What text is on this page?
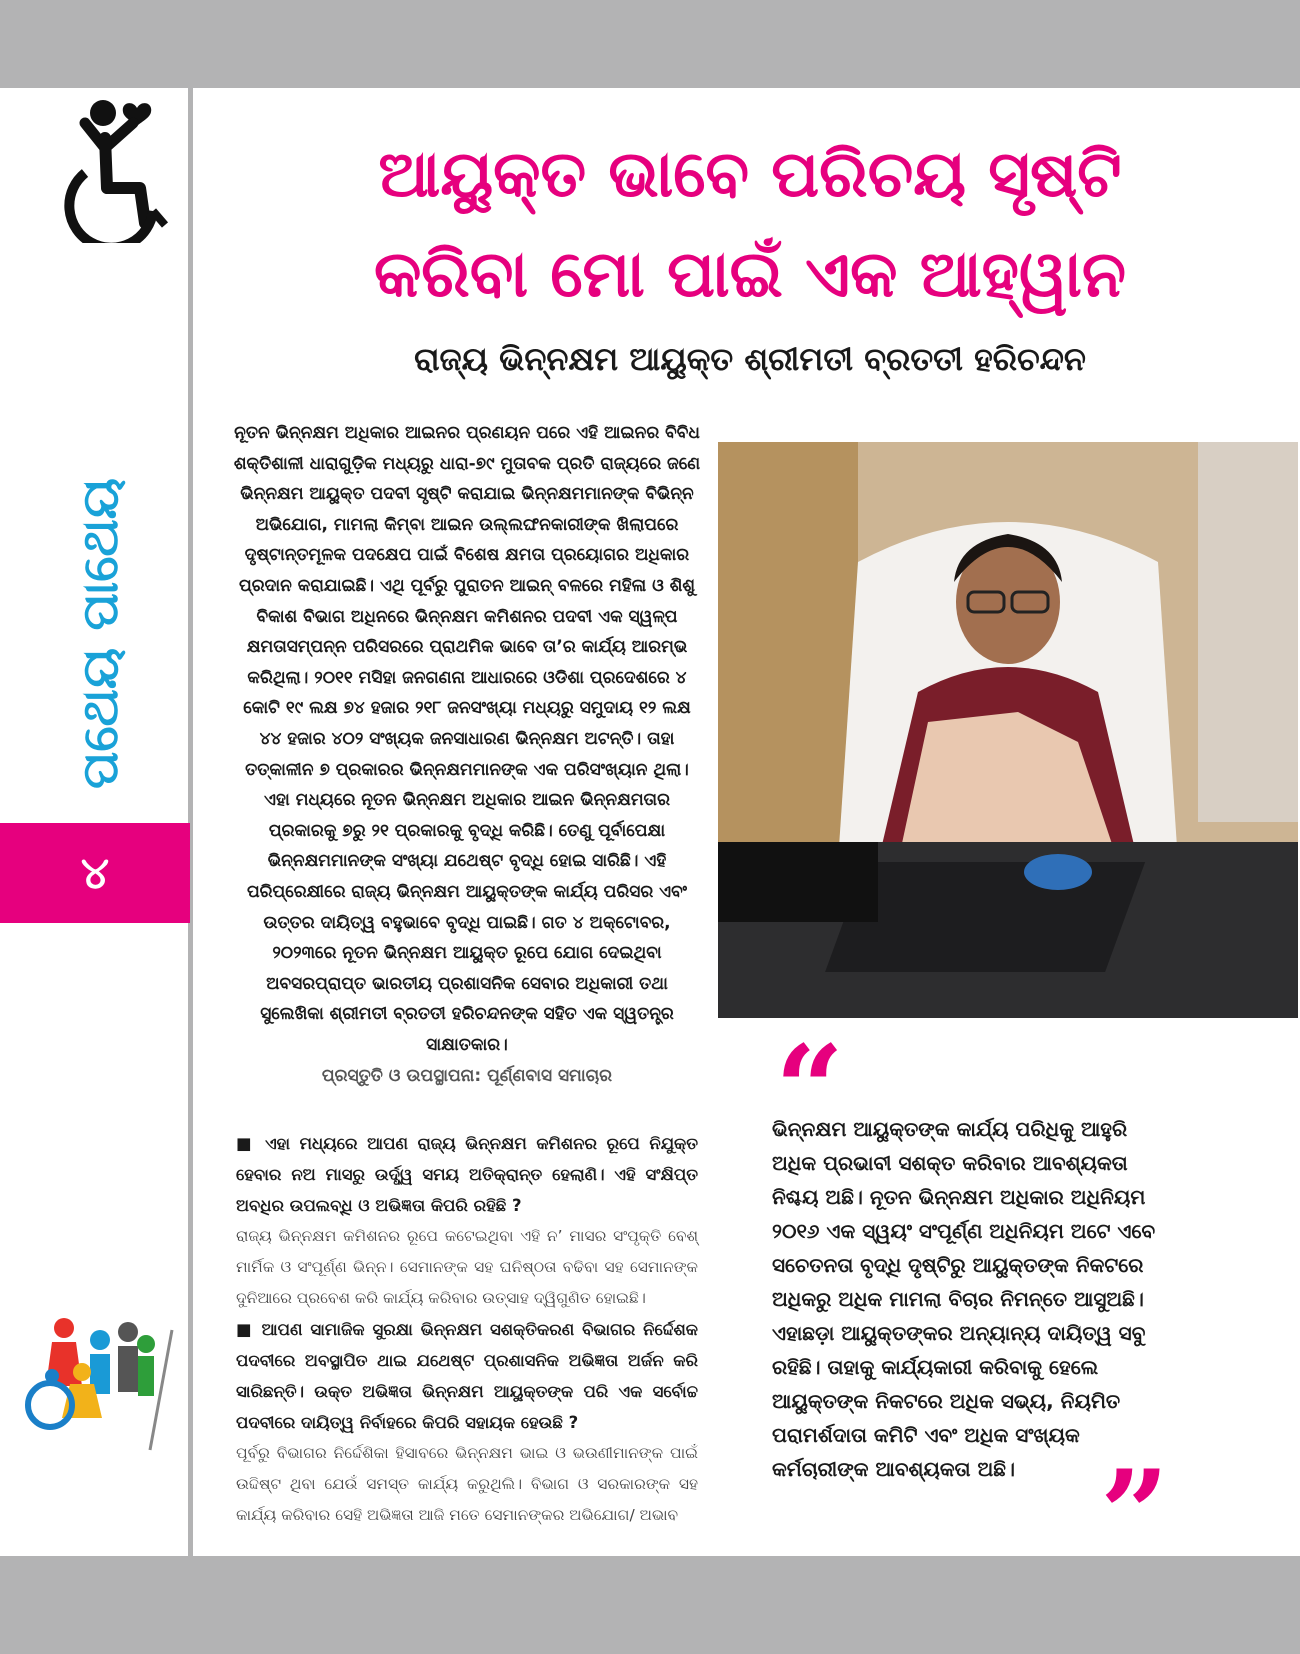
ପଥେୟ ପାଥେୟ
୪
ଆୟୁକ୍ତ ଭାବେ ପରିଚୟ ସୃଷ୍ଟି
କରିବା ମୋ ପାଇଁ ଏକ ଆହ୍ୱାନ
ରାଜ୍ୟ ଭିନ୍ନକ୍ଷମ ଆୟୁକ୍ତ ଶ୍ରୀମତୀ ବ୍ରତତୀ ହରିଚନ୍ଦନ

ନୂତନ ଭିନ୍ନକ୍ଷମ ଅଧିକାର ଆଇନର ପ୍ରଣୟନ ପରେ ଏହି ଆଇନର ବିବିଧ ଶକ୍ତିଶାଳୀ ଧାରାଗୁଡ଼ିକ ମଧ୍ୟରୁ ଧାରା-୭୯ ମୁତାବକ ପ୍ରତି ରାଜ୍ୟରେ ଜଣେ ଭିନ୍ନକ୍ଷମ ଆୟୁକ୍ତ ପଦବୀ ସୃଷ୍ଟି କରାଯାଇ ଭିନ୍ନକ୍ଷମମାନଙ୍କ ବିଭିନ୍ନ ଅଭିଯୋଗ, ମାମଲା କିମ୍ବା ଆଇନ ଉଲ୍ଲଙ୍ଘନକାରୀଙ୍କ ଖିଲାପରେ ଦୃଷ୍ଟାନ୍ତମୂଳକ ପଦକ୍ଷେପ ପାଇଁ ବିଶେଷ କ୍ଷମତା ପ୍ରୟୋଗର ଅଧିକାର ପ୍ରଦାନ କରାଯାଇଛି। ଏଥି ପୂର୍ବରୁ ପୁରାତନ ଆଇନ୍ ବଳରେ ମହିଳା ଓ ଶିଶୁ ବିକାଶ ବିଭାଗ ଅଧିନରେ ଭିନ୍ନକ୍ଷମ କମିଶନର ପଦବୀ ଏକ ସ୍ୱଳ୍ପ କ୍ଷମତାସମ୍ପନ୍ନ ପରିସରରେ ପ୍ରାଥମିକ ଭାବେ ତା’ର କାର୍ଯ୍ୟ ଆରମ୍ଭ କରିଥିଲା। ୨୦୧୧ ମସିହା ଜନଗଣନା ଆଧାରରେ ଓଡିଶା ପ୍ରଦେଶରେ ୪ କୋଟି ୧୯ ଲକ୍ଷ ୭୪ ହଜାର ୨୧୮ ଜନସଂଖ୍ୟା ମଧ୍ୟରୁ ସମୁଦାୟ ୧୨ ଲକ୍ଷ ୪୪ ହଜାର ୪୦୨ ସଂଖ୍ୟକ ଜନସାଧାରଣ ଭିନ୍ନକ୍ଷମ ଅଟନ୍ତି। ତାହା ତତ୍କାଳୀନ ୭ ପ୍ରକାରର ଭିନ୍ନକ୍ଷମମାନଙ୍କ ଏକ ପରିସଂଖ୍ୟାନ ଥିଲା। ଏହା ମଧ୍ୟରେ ନୂତନ ଭିନ୍ନକ୍ଷମ ଅଧିକାର ଆଇନ ଭିନ୍ନକ୍ଷମତାର ପ୍ରକାରକୁ ୭ରୁ ୨୧ ପ୍ରକାରକୁ ବୃଦ୍ଧି କରିଛି। ତେଣୁ ପୂର୍ବାପେକ୍ଷା ଭିନ୍ନକ୍ଷମମାନଙ୍କ ସଂଖ୍ୟା ଯଥେଷ୍ଟ ବୃଦ୍ଧି ହୋଇ ସାରିଛି। ଏହି ପରିପ୍ରେକ୍ଷୀରେ ରାଜ୍ୟ ଭିନ୍ନକ୍ଷମ ଆୟୁକ୍ତଙ୍କ କାର୍ଯ୍ୟ ପରିସର ଏବଂ ଉତ୍ତର ଦାୟିତ୍ୱ ବହୁଭାବେ ବୃଦ୍ଧି ପାଇଛି। ଗତ ୪ ଅକ୍ଟୋବର, ୨୦୨୩ରେ ନୂତନ ଭିନ୍ନକ୍ଷମ ଆୟୁକ୍ତ ରୂପେ ଯୋଗ ଦେଇଥିବା ଅବସରପ୍ରାପ୍ତ ଭାରତୀୟ ପ୍ରଶାସନିକ ସେବାର ଅଧିକାରୀ ତଥା ସୁଲେଖିକା ଶ୍ରୀମତୀ ବ୍ରତତୀ ହରିଚନ୍ଦନଙ୍କ ସହିତ ଏକ ସ୍ୱତନ୍ତ୍ର ସାକ୍ଷାତକାର।

ପ୍ରସ୍ତୁତି ଓ ଉପସ୍ଥାପନା: ପୂର୍ଣ୍ଣବାସ ସମାଚାର

■ ଏହା ମଧ୍ୟରେ ଆପଣ ରାଜ୍ୟ ଭିନ୍ନକ୍ଷମ କମିଶନର ରୂପେ ନିଯୁକ୍ତ ହେବାର ନଅ ମାସରୁ ଉର୍ଦ୍ଧ୍ୱ ସମୟ ଅତିକ୍ରାନ୍ତ ହେଲାଣି। ଏହି ସଂକ୍ଷିପ୍ତ ଅବଧିର ଉପଲବ୍ଧି ଓ ଅଭିଜ୍ଞତା କିପରି ରହିଛି ?

ରାଜ୍ୟ ଭିନ୍ନକ୍ଷମ କମିଶନର ରୂପେ କଟେଇଥିବା ଏହି ନ’ ମାସର ସଂପୃକ୍ତି ବେଶ୍ ମାର୍ମିକ ଓ ସଂପୂର୍ଣ୍ଣ ଭିନ୍ନ। ସେମାନଙ୍କ ସହ ଘନିଷ୍ଠତା ବଢିବା ସହ ସେମାନଙ୍କ ଦୁନିଆରେ ପ୍ରବେଶ କରି କାର୍ଯ୍ୟ କରିବାର ଉତ୍ସାହ ଦ୍ୱିଗୁଣିତ ହୋଇଛି।

■ ଆପଣ ସାମାଜିକ ସୁରକ୍ଷା ଭିନ୍ନକ୍ଷମ ସଶକ୍ତିକରଣ ବିଭାଗର ନିର୍ଦ୍ଦେଶକ ପଦବୀରେ ଅବସ୍ଥାପିତ ଥାଇ ଯଥେଷ୍ଟ ପ୍ରଶାସନିକ ଅଭିଜ୍ଞତା ଅର୍ଜନ କରି ସାରିଛନ୍ତି। ଉକ୍ତ ଅଭିଜ୍ଞତା ଭିନ୍ନକ୍ଷମ ଆୟୁକ୍ତଙ୍କ ପରି ଏକ ସର୍ବୋଚ୍ଚ ପଦବୀରେ ଦାୟିତ୍ୱ ନିର୍ବାହରେ କିପରି ସହାୟକ ହେଉଛି ?

ପୂର୍ବରୁ ବିଭାଗର ନିର୍ଦ୍ଦେଶିକା ହିସାବରେ ଭିନ୍ନକ୍ଷମ ଭାଇ ଓ ଭଉଣୀମାନଙ୍କ ପାଇଁ ଉଦ୍ଦିଷ୍ଟ ଥିବା ଯେଉଁ ସମସ୍ତ କାର୍ଯ୍ୟ କରୁଥିଲି। ବିଭାଗ ଓ ସରକାରଙ୍କ ସହ କାର୍ଯ୍ୟ କରିବାର ସେହି ଅଭିଜ୍ଞତା ଆଜି ମତେ ସେମାନଙ୍କର ଅଭିଯୋଗ/ ଅଭାବ

“

ଭିନ୍ନକ୍ଷମ ଆୟୁକ୍ତଙ୍କ କାର୍ଯ୍ୟ ପରିଧିକୁ ଆହୁରି ଅଧିକ ପ୍ରଭାବୀ ସଶକ୍ତ କରିବାର ଆବଶ୍ୟକତା ନିଶ୍ଚୟ ଅଛି। ନୂତନ ଭିନ୍ନକ୍ଷମ ଅଧିକାର ଅଧିନିୟମ ୨୦୧୬ ଏକ ସ୍ୱୟଂ ସଂପୂର୍ଣ୍ଣ ଅଧିନିୟମ ଅଟେ ଏବେ ସଚେତନତା ବୃଦ୍ଧି ଦୃଷ୍ଟିରୁ ଆୟୁକ୍ତଙ୍କ ନିକଟରେ ଅଧିକରୁ ଅଧିକ ମାମଲା ବିଚାର ନିମନ୍ତେ ଆସୁଅଛି। ଏହାଛଡ଼ା ଆୟୁକ୍ତଙ୍କର ଅନ୍ୟାନ୍ୟ ଦାୟିତ୍ୱ ସବୁ ରହିଛି। ତାହାକୁ କାର୍ଯ୍ୟକାରୀ କରିବାକୁ ହେଲେ ଆୟୁକ୍ତଙ୍କ ନିକଟରେ ଅଧିକ ସଭ୍ୟ, ନିୟମିତ ପରାମର୍ଶଦାତା କମିଟି ଏବଂ ଅଧିକ ସଂଖ୍ୟକ କର୍ମଚାରୀଙ୍କ ଆବଶ୍ୟକତା ଅଛି। ”
